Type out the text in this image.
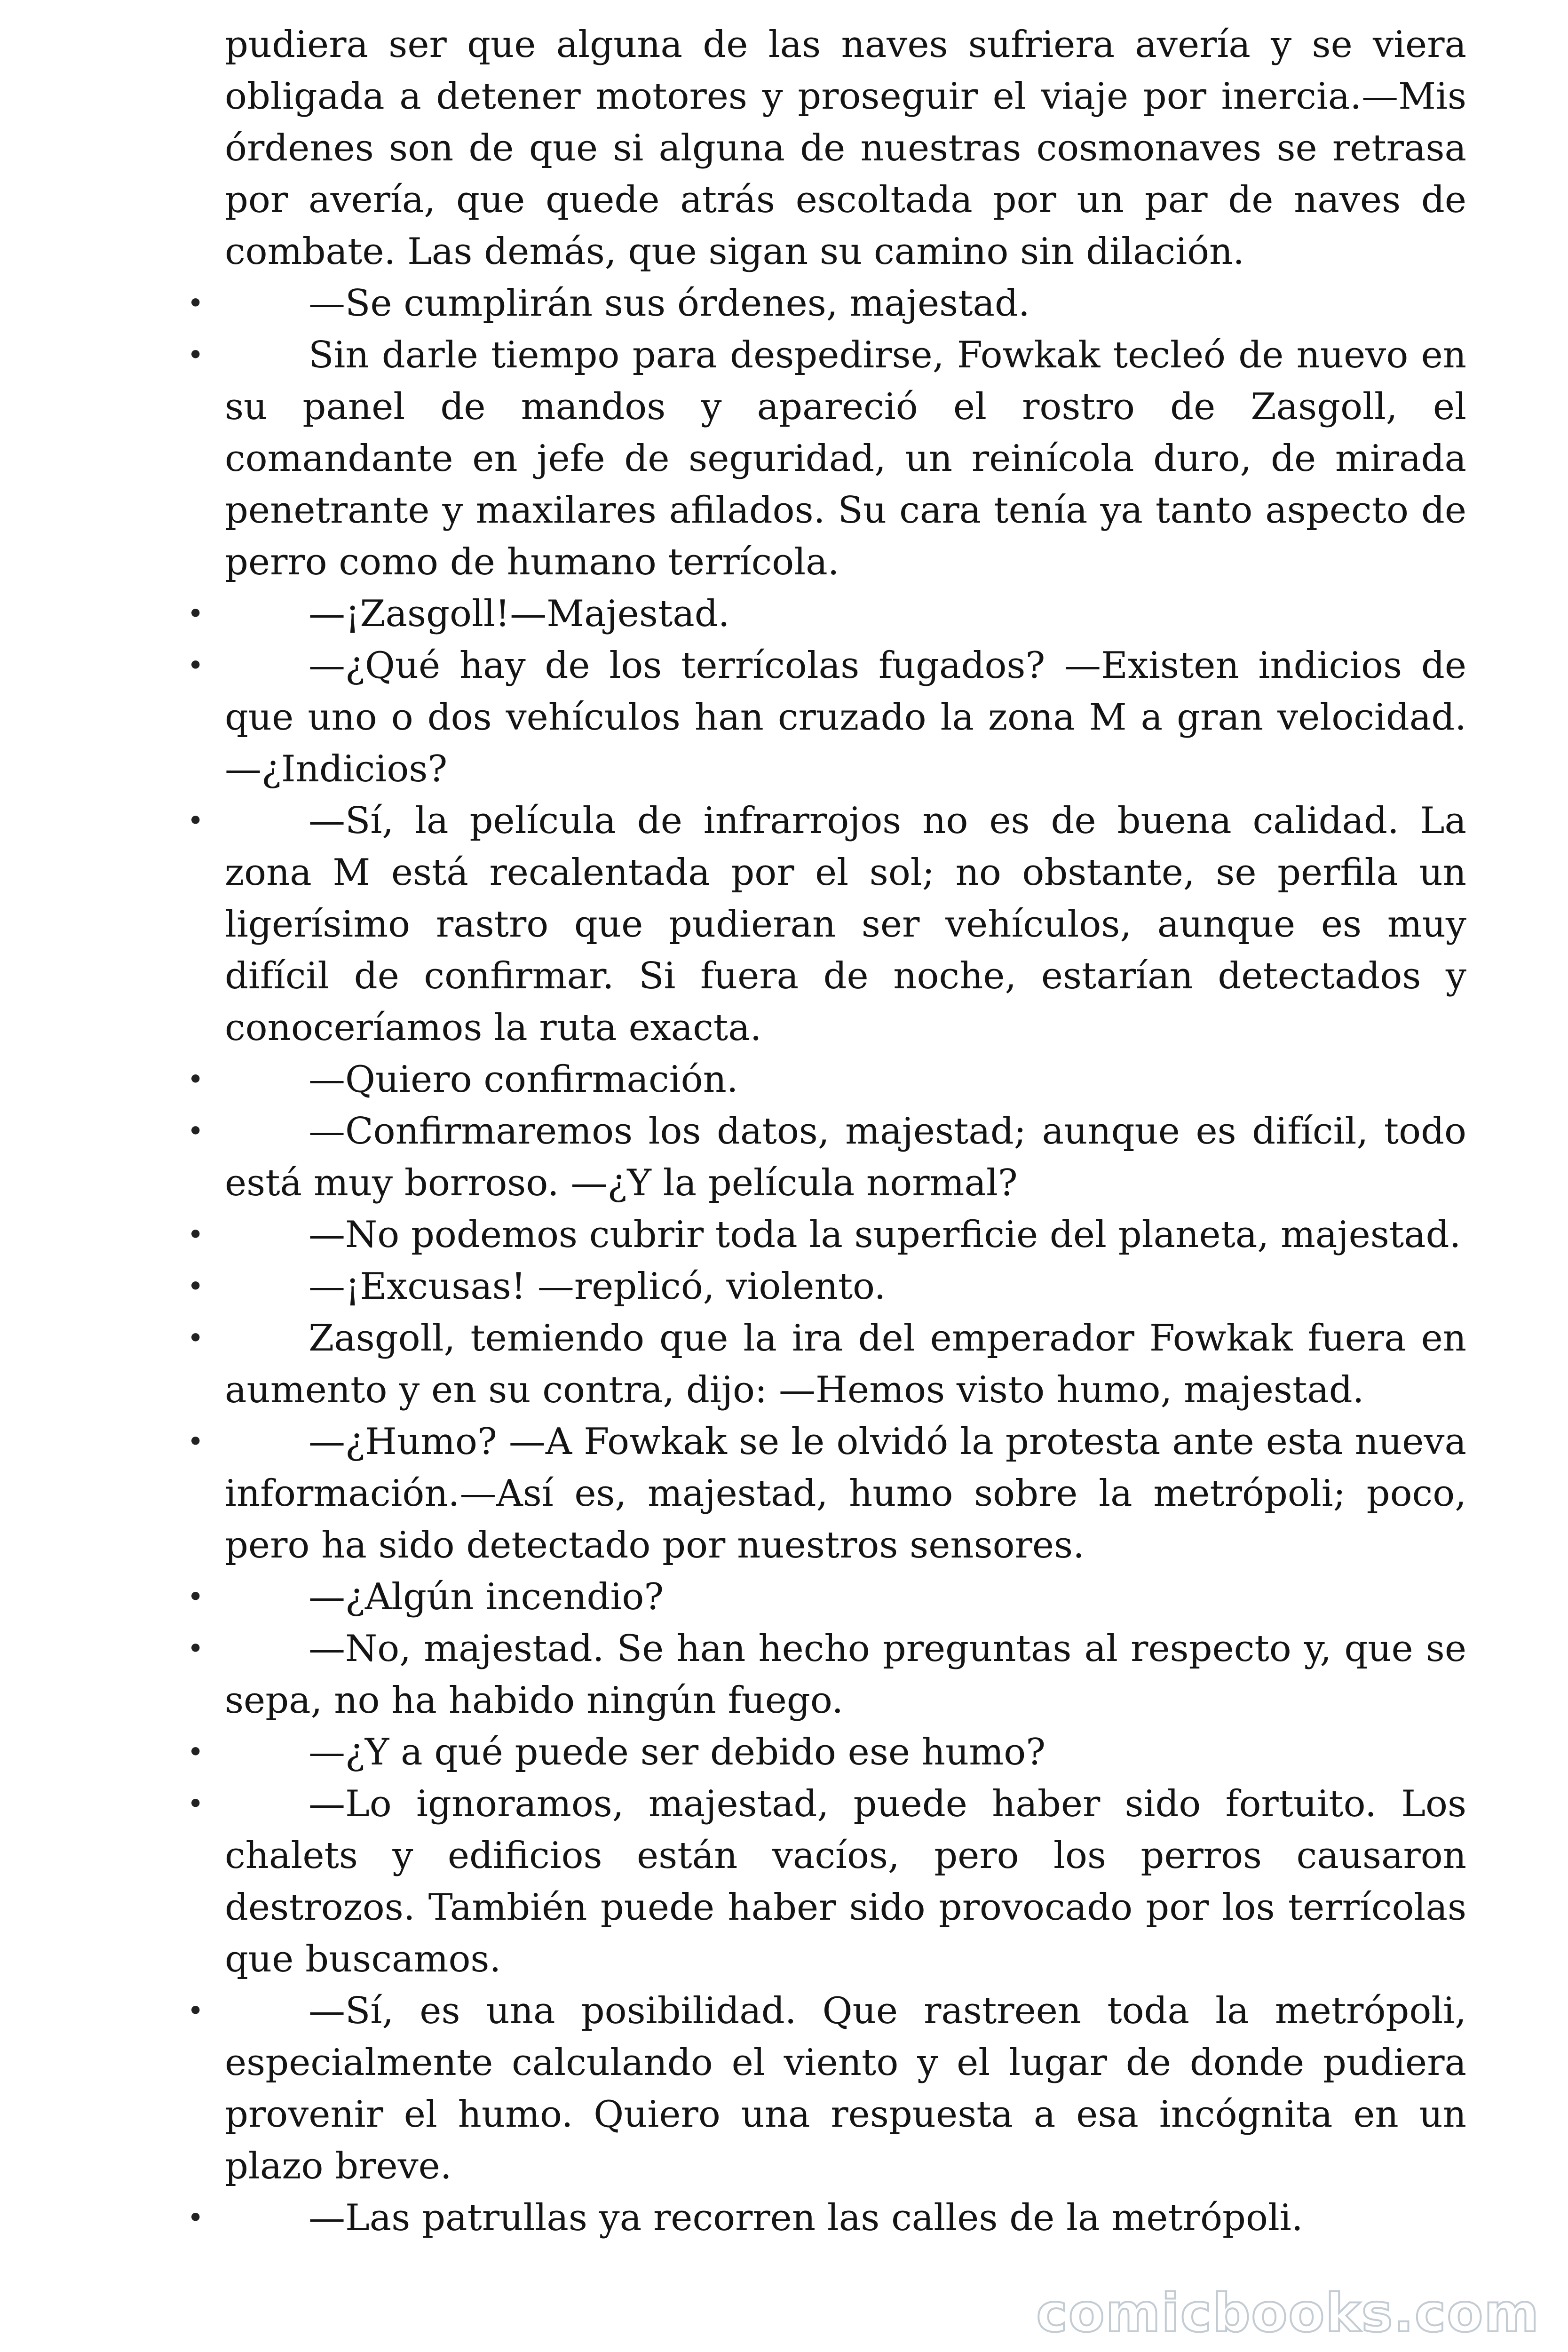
pudiera ser que alguna de las naves sufriera avería y se viera obligada a detener motores y proseguir el viaje por inercia.—Mis órdenes son de que si alguna de nuestras cosmonaves se retrasa por avería, que quede atrás escoltada por un par de naves de combate. Las demás, que sigan su camino sin dilación.

•	—Se cumplirán sus órdenes, majestad.

•	Sin darle tiempo para despedirse, Fowkak tecleó de nuevo en su panel de mandos y apareció el rostro de Zasgoll, el comandante en jefe de seguridad, un reinícola duro, de mirada penetrante y maxilares afilados. Su cara tenía ya tanto aspecto de perro como de humano terrícola.

•	—¡Zasgoll!—Majestad.

•	—¿Qué hay de los terrícolas fugados? —Existen indicios de que uno o dos vehículos han cruzado la zona M a gran velocidad. —¿Indicios?

•	—Sí, la película de infrarrojos no es de buena calidad. La zona M está recalentada por el sol; no obstante, se perfila un ligerísimo rastro que pudieran ser vehículos, aunque es muy difícil de confirmar. Si fuera de noche, estarían detectados y conoceríamos la ruta exacta.

•	—Quiero confirmación.

•	—Confirmaremos los datos, majestad; aunque es difícil, todo está muy borroso. —¿Y la película normal?

•	—No podemos cubrir toda la superficie del planeta, majestad.

•	—¡Excusas! —replicó, violento.

•	Zasgoll, temiendo que la ira del emperador Fowkak fuera en aumento y en su contra, dijo: —Hemos visto humo, majestad.

•	—¿Humo? —A Fowkak se le olvidó la protesta ante esta nueva información.—Así es, majestad, humo sobre la metrópoli; poco, pero ha sido detectado por nuestros sensores.

•	—¿Algún incendio?

•	—No, majestad. Se han hecho preguntas al respecto y, que se sepa, no ha habido ningún fuego.

•	—¿Y a qué puede ser debido ese humo?

•	—Lo ignoramos, majestad, puede haber sido fortuito. Los chalets y edificios están vacíos, pero los perros causaron destrozos. También puede haber sido provocado por los terrícolas que buscamos.

•	—Sí, es una posibilidad. Que rastreen toda la metrópoli, especialmente calculando el viento y el lugar de donde pudiera provenir el humo. Quiero una respuesta a esa incógnita en un plazo breve.

•	—Las patrullas ya recorren las calles de la metrópoli.

comicbooks.com
